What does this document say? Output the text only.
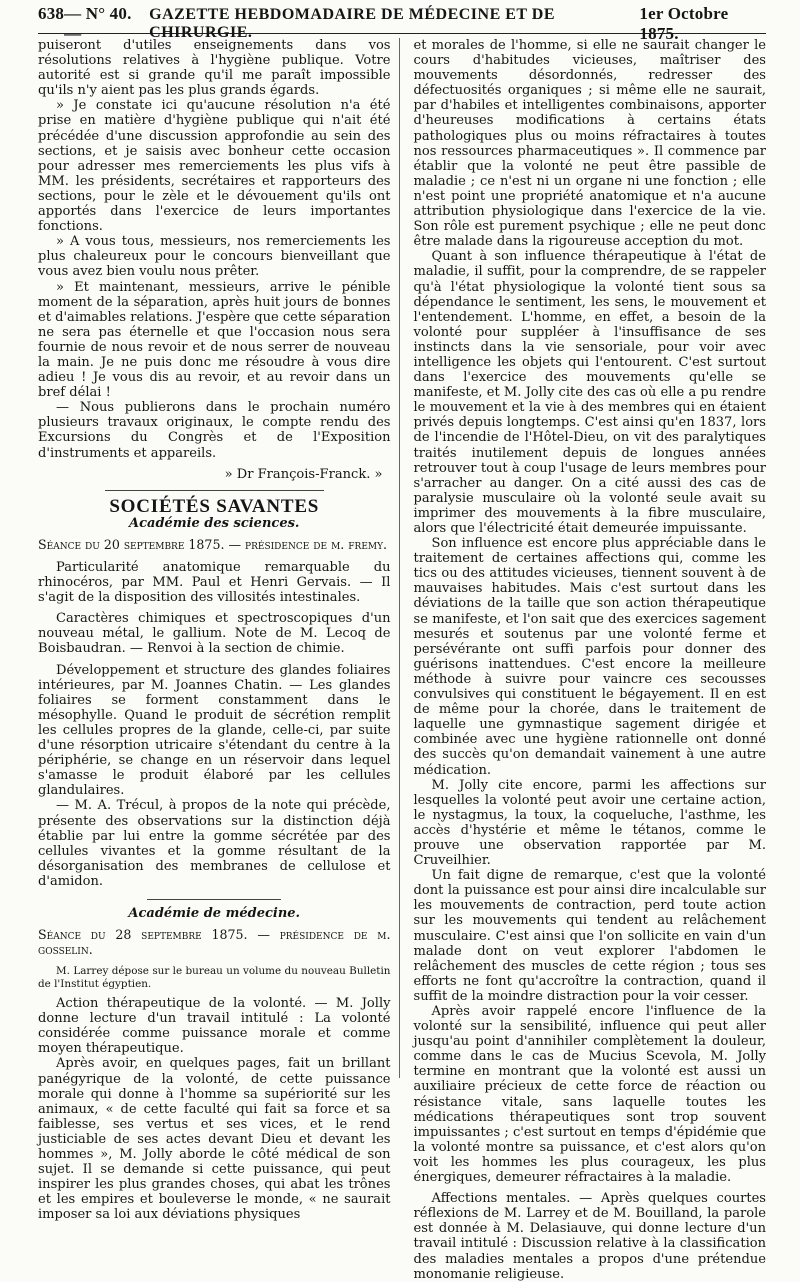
638 — N° 40. —
GAZETTE HEBDOMADAIRE DE MÉDECINE ET DE CHIRURGIE.
1er Octobre 1875.

puiseront d'utiles enseignements dans vos résolutions relatives à l'hygiène publique. Votre autorité est si grande qu'il me paraît impossible qu'ils n'y aient pas les plus grands égards.

» Je constate ici qu'aucune résolution n'a été prise en matière d'hygiène publique qui n'ait été précédée d'une discussion approfondie au sein des sections, et je saisis avec bonheur cette occasion pour adresser mes remerciements les plus vifs à MM. les présidents, secrétaires et rapporteurs des sections, pour le zèle et le dévouement qu'ils ont apportés dans l'exercice de leurs importantes fonctions.

» A vous tous, messieurs, nos remerciements les plus chaleureux pour le concours bienveillant que vous avez bien voulu nous prêter.

» Et maintenant, messieurs, arrive le pénible moment de la séparation, après huit jours de bonnes et d'aimables relations. J'espère que cette séparation ne sera pas éternelle et que l'occasion nous sera fournie de nous revoir et de nous serrer de nouveau la main. Je ne puis donc me résoudre à vous dire adieu ! Je vous dis au revoir, et au revoir dans un bref délai !

— Nous publierons dans le prochain numéro plusieurs travaux originaux, le compte rendu des Excursions du Congrès et de l'Exposition d'instruments et appareils.

» Dr François-Franck. »

SOCIÉTÉS SAVANTES
Académie des sciences.

Séance du 20 septembre 1875. — présidence de m. fremy.

Particularité anatomique remarquable du rhinocéros, par MM. Paul et Henri Gervais. — Il s'agit de la disposition des villosités intestinales.

Caractères chimiques et spectroscopiques d'un nouveau métal, le gallium. Note de M. Lecoq de Boisbaudran. — Renvoi à la section de chimie.

Développement et structure des glandes foliaires intérieures, par M. Joannes Chatin. — Les glandes foliaires se forment constamment dans le mésophylle. Quand le produit de sécrétion remplit les cellules propres de la glande, celle-ci, par suite d'une résorption utricaire s'étendant du centre à la périphérie, se change en un réservoir dans lequel s'amasse le produit élaboré par les cellules glandulaires.

— M. A. Trécul, à propos de la note qui précède, présente des observations sur la distinction déjà établie par lui entre la gomme sécrétée par des cellules vivantes et la gomme résultant de la désorganisation des membranes de cellulose et d'amidon.

Académie de médecine.

Séance du 28 septembre 1875. — présidence de m. gosselin.

M. Larrey dépose sur le bureau un volume du nouveau Bulletin de l'Institut égyptien.

Action thérapeutique de la volonté. — M. Jolly donne lecture d'un travail intitulé : La volonté considérée comme puissance morale et comme moyen thérapeutique.

Après avoir, en quelques pages, fait un brillant panégyrique de la volonté, de cette puissance morale qui donne à l'homme sa supériorité sur les animaux, « de cette faculté qui fait sa force et sa faiblesse, ses vertus et ses vices, et le rend justiciable de ses actes devant Dieu et devant les hommes », M. Jolly aborde le côté médical de son sujet. Il se demande si cette puissance, qui peut inspirer les plus grandes choses, qui abat les trônes et les empires et bouleverse le monde, « ne saurait imposer sa loi aux déviations physiques

et morales de l'homme, si elle ne saurait changer le cours d'habitudes vicieuses, maîtriser des mouvements désordonnés, redresser des défectuosités organiques ; si même elle ne saurait, par d'habiles et intelligentes combinaisons, apporter d'heureuses modifications à certains états pathologiques plus ou moins réfractaires à toutes nos ressources pharmaceutiques ». Il commence par établir que la volonté ne peut être passible de maladie ; ce n'est ni un organe ni une fonction ; elle n'est point une propriété anatomique et n'a aucune attribution physiologique dans l'exercice de la vie. Son rôle est purement psychique ; elle ne peut donc être malade dans la rigoureuse acception du mot.

Quant à son influence thérapeutique à l'état de maladie, il suffit, pour la comprendre, de se rappeler qu'à l'état physiologique la volonté tient sous sa dépendance le sentiment, les sens, le mouvement et l'entendement. L'homme, en effet, a besoin de la volonté pour suppléer à l'insuffisance de ses instincts dans la vie sensoriale, pour voir avec intelligence les objets qui l'entourent. C'est surtout dans l'exercice des mouvements qu'elle se manifeste, et M. Jolly cite des cas où elle a pu rendre le mouvement et la vie à des membres qui en étaient privés depuis longtemps. C'est ainsi qu'en 1837, lors de l'incendie de l'Hôtel-Dieu, on vit des paralytiques traités inutilement depuis de longues années retrouver tout à coup l'usage de leurs membres pour s'arracher au danger. On a cité aussi des cas de paralysie musculaire où la volonté seule avait su imprimer des mouvements à la fibre musculaire, alors que l'électricité était demeurée impuissante.

Son influence est encore plus appréciable dans le traitement de certaines affections qui, comme les tics ou des attitudes vicieuses, tiennent souvent à de mauvaises habitudes. Mais c'est surtout dans les déviations de la taille que son action thérapeutique se manifeste, et l'on sait que des exercices sagement mesurés et soutenus par une volonté ferme et persévérante ont suffi parfois pour donner des guérisons inattendues. C'est encore la meilleure méthode à suivre pour vaincre ces secousses convulsives qui constituent le bégayement. Il en est de même pour la chorée, dans le traitement de laquelle une gymnastique sagement dirigée et combinée avec une hygiène rationnelle ont donné des succès qu'on demandait vainement à une autre médication.

M. Jolly cite encore, parmi les affections sur lesquelles la volonté peut avoir une certaine action, le nystagmus, la toux, la coqueluche, l'asthme, les accès d'hystérie et même le tétanos, comme le prouve une observation rapportée par M. Cruveilhier.

Un fait digne de remarque, c'est que la volonté dont la puissance est pour ainsi dire incalculable sur les mouvements de contraction, perd toute action sur les mouvements qui tendent au relâchement musculaire. C'est ainsi que l'on sollicite en vain d'un malade dont on veut explorer l'abdomen le relâchement des muscles de cette région ; tous ses efforts ne font qu'accroître la contraction, quand il suffit de la moindre distraction pour la voir cesser.

Après avoir rappelé encore l'influence de la volonté sur la sensibilité, influence qui peut aller jusqu'au point d'annihiler complètement la douleur, comme dans le cas de Mucius Scevola, M. Jolly termine en montrant que la volonté est aussi un auxiliaire précieux de cette force de réaction ou résistance vitale, sans laquelle toutes les médications thérapeutiques sont trop souvent impuissantes ; c'est surtout en temps d'épidémie que la volonté montre sa puissance, et c'est alors qu'on voit les hommes les plus courageux, les plus énergiques, demeurer réfractaires à la maladie.

Affections mentales. — Après quelques courtes réflexions de M. Larrey et de M. Bouilland, la parole est donnée à M. Delasiauve, qui donne lecture d'un travail intitulé : Discussion relative à la classification des maladies mentales a propos d'une prétendue monomanie religieuse.
